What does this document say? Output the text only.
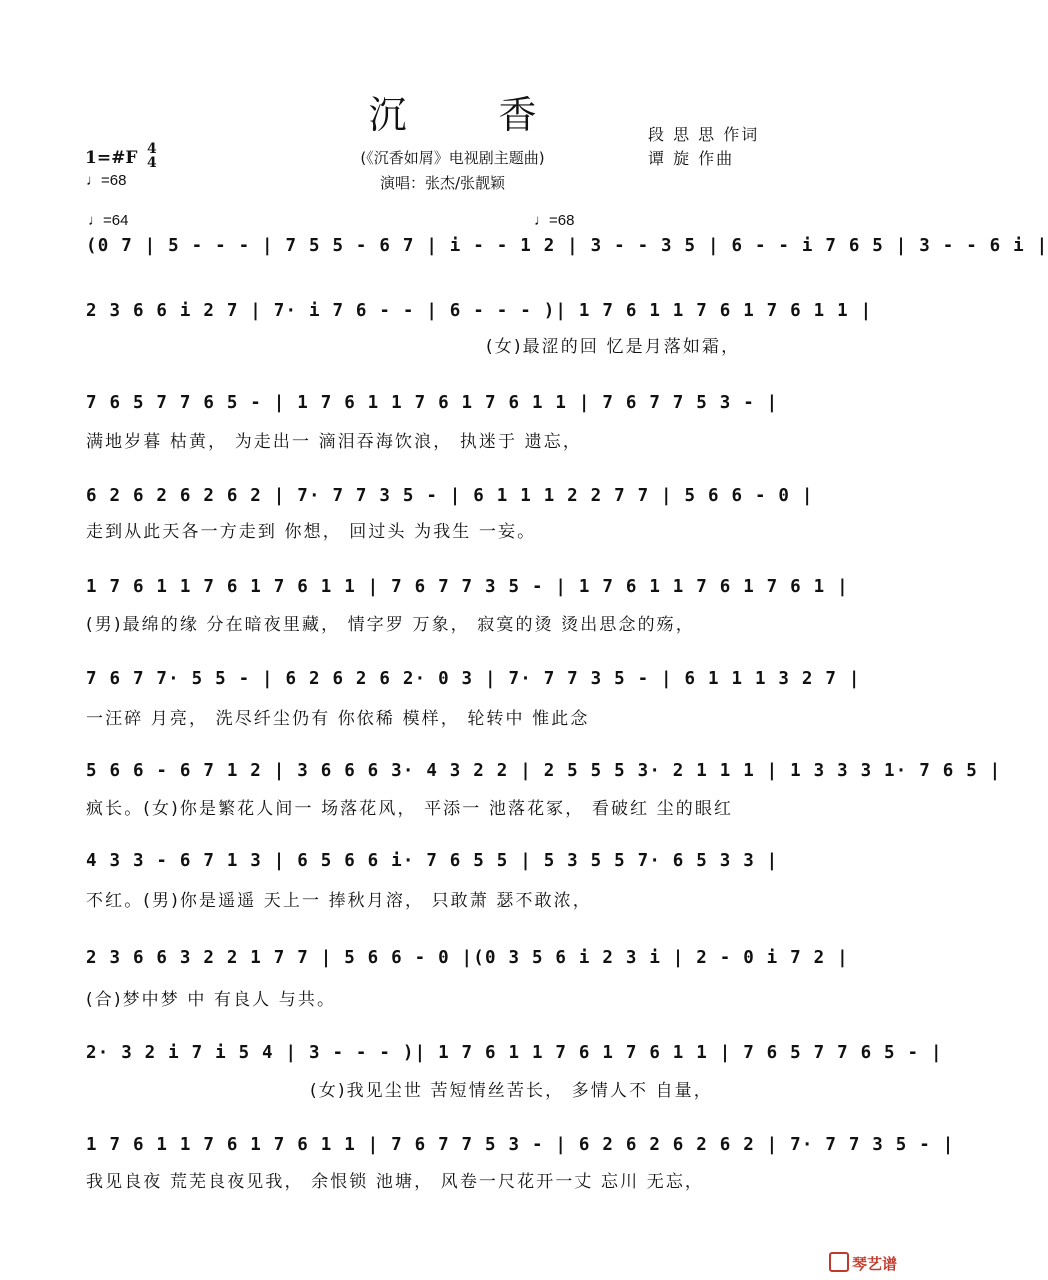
沉 香
(《沉香如屑》电视剧主题曲)
演唱：张杰/张靓颖
段 思 思 作词
谭 旋 作曲
1=#F 4
4
♩=68
♩=64	♩=68
(0 7 | 5 - - - | 7 5 5 - 6 7 | i - - 1 2 | 3 - - 3 5 | 6 - - i 7 6 5 | 3 - - 6 i |
2 3 6 6 i 2 7 | 7· i 7 6 - - | 6 - - - )| 1 7 6 1 1 7 6 1 7 6 1 1 |
(女)最涩的回 忆是月落如霜，
7 6 5 7 7 6 5 - | 1 7 6 1 1 7 6 1 7 6 1 1 | 7 6 7 7 5 3 - |
满地岁暮 枯黄， 为走出一 滴泪吞海饮浪， 执迷于 遗忘，
6 2 6 2 6 2 6 2 | 7· 7 7 3 5 - | 6 1 1 1 2 2 7 7 | 5 6 6 - 0 |
走到从此天各一方走到 你想， 回过头 为我生 一妄。
1 7 6 1 1 7 6 1 7 6 1 1 | 7 6 7 7 3 5 - | 1 7 6 1 1 7 6 1 7 6 1 |
(男)最绵的缘 分在暗夜里藏， 情字罗 万象， 寂寞的烫 烫出思念的殇，
7 6 7 7· 5 5 - | 6 2 6 2 6 2· 0 3 | 7· 7 7 3 5 - | 6 1 1 1 3 2 7 |
一汪碎 月亮， 洗尽纤尘仍有 你依稀 模样， 轮转中 惟此念
5 6 6 - 6 7 1 2 | 3 6 6 6 3· 4 3 2 2 | 2 5 5 5 3· 2 1 1 1 | 1 3 3 3 1· 7 6 5 |
疯长。(女)你是繁花人间一 场落花风， 平添一 池落花冢， 看破红 尘的眼红
4 3 3 - 6 7 1 3 | 6 5 6 6 i· 7 6 5 5 | 5 3 5 5 7· 6 5 3 3 |
不红。(男)你是遥遥 天上一 捧秋月溶， 只敢萧 瑟不敢浓，
2 3 6 6 3 2 2 1 7 7 | 5 6 6 - 0 |(0 3 5 6 i 2 3 i | 2 - 0 i 7 2 |
(合)梦中梦 中 有良人 与共。
2· 3 2 i 7 i 5 4 | 3 - - - )| 1 7 6 1 1 7 6 1 7 6 1 1 | 7 6 5 7 7 6 5 - |
(女)我见尘世 苦短情丝苦长， 多情人不 自量，
1 7 6 1 1 7 6 1 7 6 1 1 | 7 6 7 7 5 3 - | 6 2 6 2 6 2 6 2 | 7· 7 7 3 5 - |
我见良夜 荒芜良夜见我， 余恨锁 池塘， 风卷一尺花开一丈 忘川 无忘，
琴艺谱
